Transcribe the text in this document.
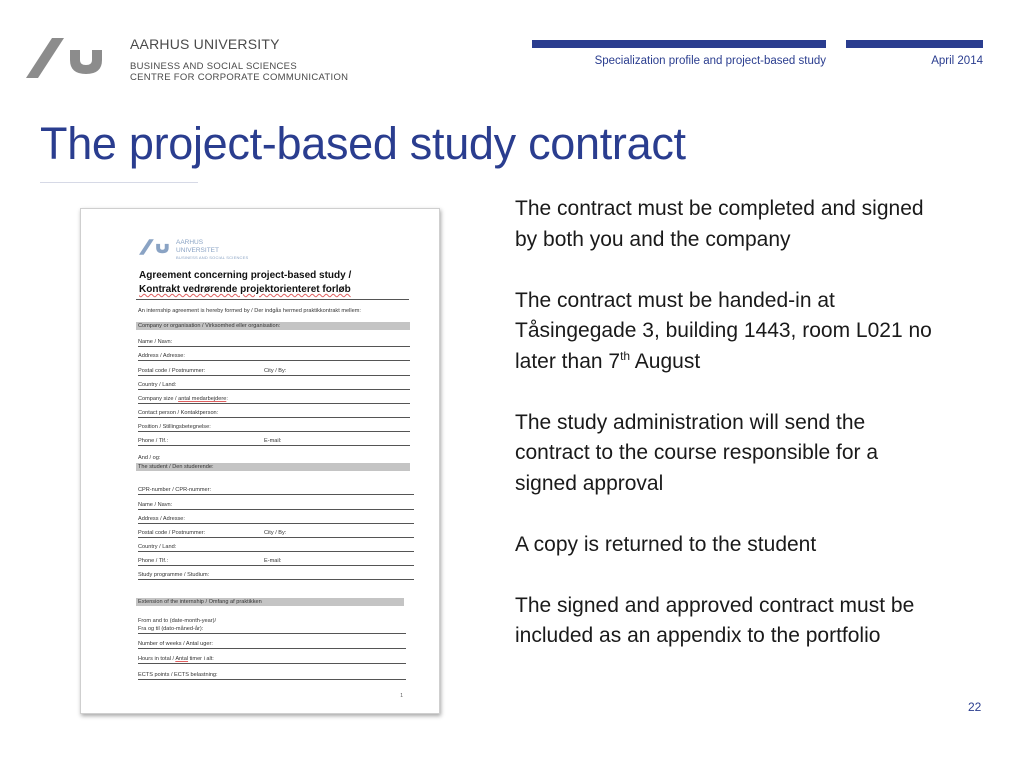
AARHUS UNIVERSITY
BUSINESS AND SOCIAL SCIENCES
CENTRE FOR CORPORATE COMMUNICATION
Specialization profile and project-based study	April 2014
The project-based study contract
AARHUS
UNIVERSITET
BUSINESS AND SOCIAL SCIENCES
Agreement concerning project-based study /
Kontrakt vedrørende projektorienteret forløb
An internship agreement is hereby formed by / Der indgås hermed praktikkontrakt mellem:
Company or organisation / Virksomhed eller organisation:
Name / Navn:
Address / Adresse:
Postal code / Postnummer:	City / By:
Country / Land:
Company size / antal medarbejdere:
Contact person / Kontaktperson:
Position / Stillingsbetegnelse:
Phone / Tlf.:	E-mail:
And / og:
The student / Den studerende:
CPR-number / CPR-nummer:
Name / Navn:
Address / Adresse:
Postal code / Postnummer:	City / By:
Country / Land:
Phone / Tlf.:	E-mail:
Study programme / Studium:
Extension of the internship / Omfang af praktikken
From and to (date-month-year)/
Fra og til (dato-måned-år):
Number of weeks / Antal uger:
Hours in total / Antal timer i alt:
ECTS points / ECTS belastning:
1

The contract must be completed and signed by both you and the company

The contract must be handed-in at Tåsingegade 3, building 1443, room L021 no later than 7th August

The study administration will send the contract to the course responsible for a signed approval

A copy is returned to the student

The signed and approved contract must be included as an appendix to the portfolio

22
